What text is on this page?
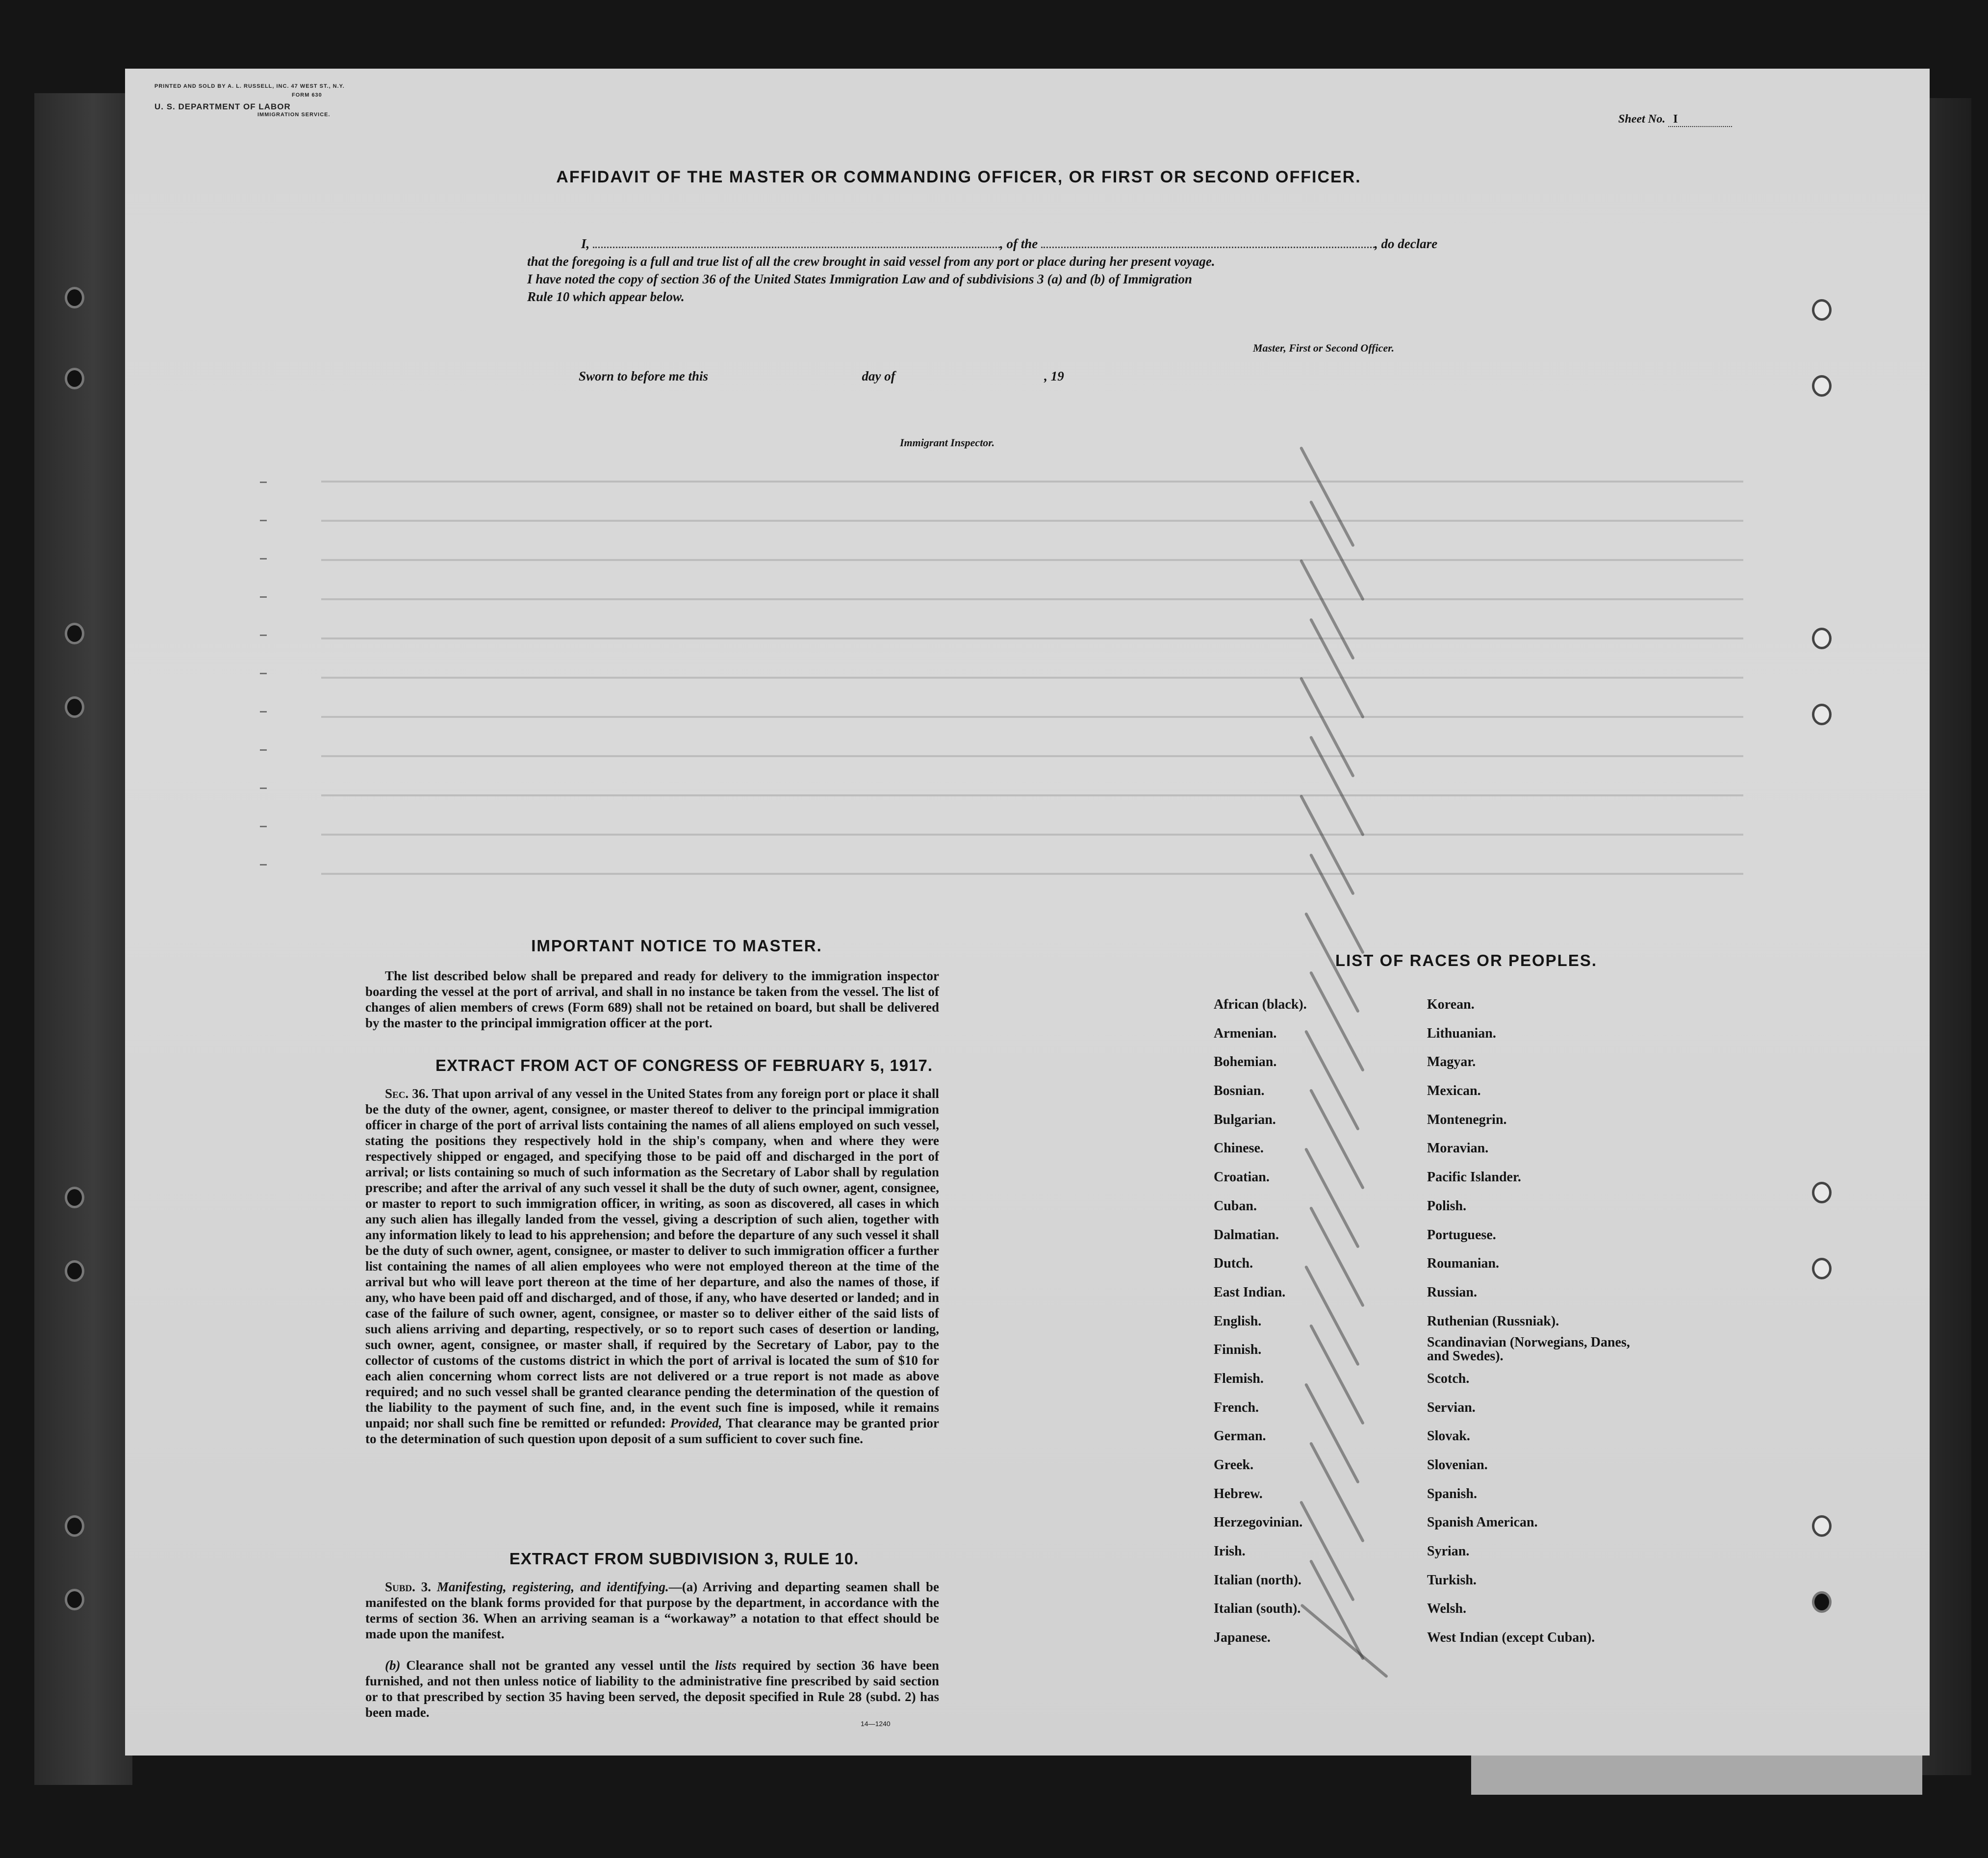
PRINTED AND SOLD BY A. L. RUSSELL, INC. 47 WEST ST., N.Y.
FORM 630
U. S. DEPARTMENT OF LABOR
IMMIGRATION SERVICE.	Sheet No. I
AFFIDAVIT OF THE MASTER OR COMMANDING OFFICER, OR FIRST OR SECOND OFFICER.
I,	, of the	, do declare
that the foregoing is a full and true list of all the crew brought in said vessel from any port or place during her present voyage.
I have noted the copy of section 36 of the United States Immigration Law and of subdivisions 3 (a) and (b) of Immigration
Rule 10 which appear below.
Master, First or Second Officer.
Sworn to before me this	day of	, 19
Immigrant Inspector.
IMPORTANT NOTICE TO MASTER.
The list described below shall be prepared and ready for delivery to the immigration inspector boarding the vessel at the port of arrival, and shall in no instance be taken from the vessel. The list of changes of alien members of crews (Form 689) shall not be retained on board, but shall be delivered by the master to the principal immigration officer at the port.
EXTRACT FROM ACT OF CONGRESS OF FEBRUARY 5, 1917.
Sec. 36. That upon arrival of any vessel in the United States from any foreign port or place it shall be the duty of the owner, agent, consignee, or master thereof to deliver to the principal immigration officer in charge of the port of arrival lists containing the names of all aliens employed on such vessel, stating the positions they respectively hold in the ship's company, when and where they were respectively shipped or engaged, and specifying those to be paid off and discharged in the port of arrival; or lists containing so much of such information as the Secretary of Labor shall by regulation prescribe; and after the arrival of any such vessel it shall be the duty of such owner, agent, consignee, or master to report to such immigration officer, in writing, as soon as discovered, all cases in which any such alien has illegally landed from the vessel, giving a description of such alien, together with any information likely to lead to his apprehension; and before the departure of any such vessel it shall be the duty of such owner, agent, consignee, or master to deliver to such immigration officer a further list containing the names of all alien employees who were not employed thereon at the time of the arrival but who will leave port thereon at the time of her departure, and also the names of those, if any, who have been paid off and discharged, and of those, if any, who have deserted or landed; and in case of the failure of such owner, agent, consignee, or master so to deliver either of the said lists of such aliens arriving and departing, respectively, or so to report such cases of desertion or landing, such owner, agent, consignee, or master shall, if required by the Secretary of Labor, pay to the collector of customs of the customs district in which the port of arrival is located the sum of $10 for each alien concerning whom correct lists are not delivered or a true report is not made as above required; and no such vessel shall be granted clearance pending the determination of the question of the liability to the payment of such fine, and, in the event such fine is imposed, while it remains unpaid; nor shall such fine be remitted or refunded: Provided, That clearance may be granted prior to the determination of such question upon deposit of a sum sufficient to cover such fine.
EXTRACT FROM SUBDIVISION 3, RULE 10.
Subd. 3. Manifesting, registering, and identifying.—(a) Arriving and departing seamen shall be manifested on the blank forms provided for that purpose by the department, in accordance with the terms of section 36. When an arriving seaman is a “workaway” a notation to that effect should be made upon the manifest.
(b) Clearance shall not be granted any vessel until the lists required by section 36 have been furnished, and not then unless notice of liability to the administrative fine prescribed by said section or to that prescribed by section 35 having been served, the deposit specified in Rule 28 (subd. 2) has been made.
14—1240
LIST OF RACES OR PEOPLES.
African (black).
Armenian.
Bohemian.
Bosnian.
Bulgarian.
Chinese.
Croatian.
Cuban.
Dalmatian.
Dutch.
East Indian.
English.
Finnish.
Flemish.
French.
German.
Greek.
Hebrew.
Herzegovinian.
Irish.
Italian (north).
Italian (south).
Japanese.
Korean.
Lithuanian.
Magyar.
Mexican.
Montenegrin.
Moravian.
Pacific Islander.
Polish.
Portuguese.
Roumanian.
Russian.
Ruthenian (Russniak).
Scandinavian (Norwegians, Danes, and Swedes).
Scotch.
Servian.
Slovak.
Slovenian.
Spanish.
Spanish American.
Syrian.
Turkish.
Welsh.
West Indian (except Cuban).
